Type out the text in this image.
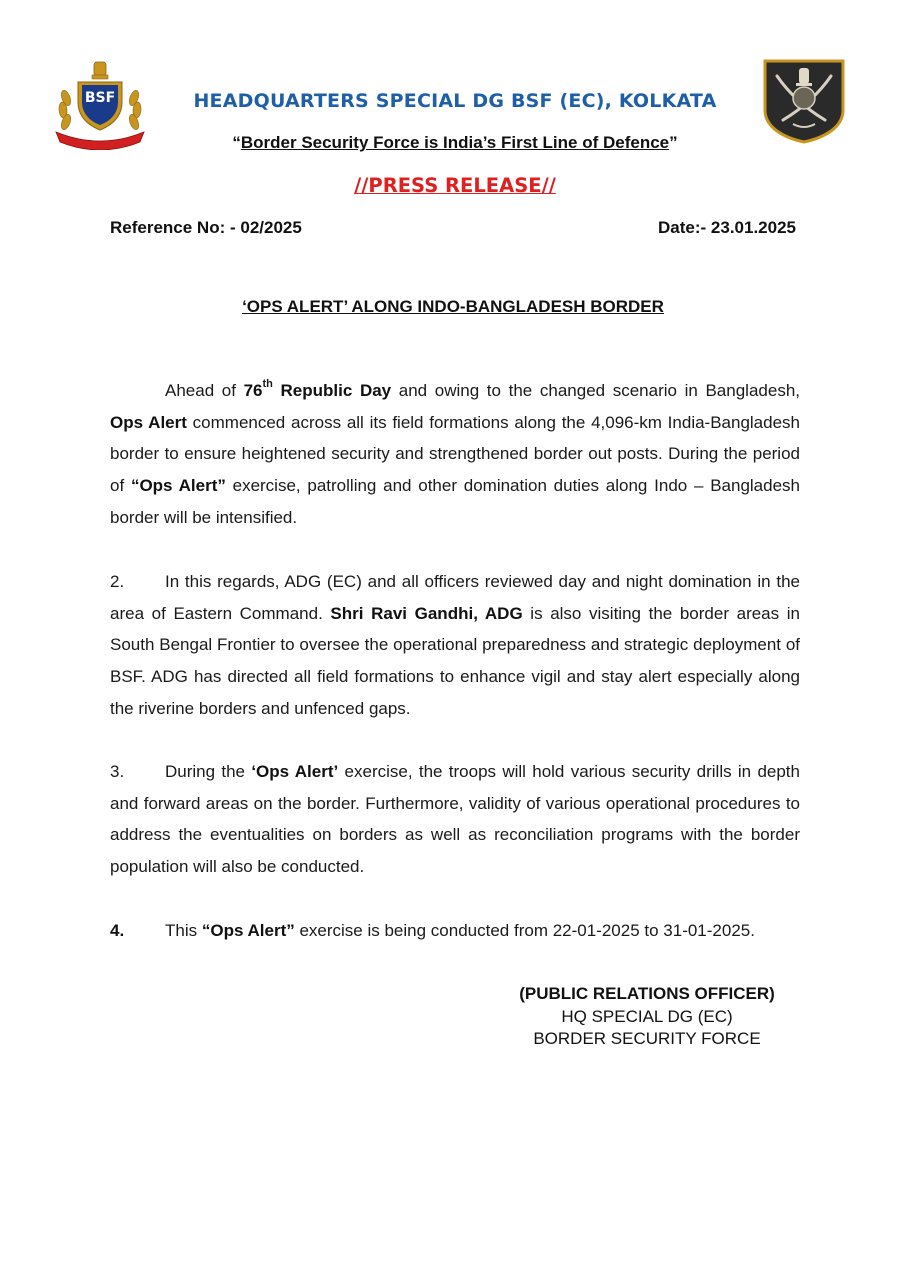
BSF
सीमा सुरक्षा बल
HEADQUARTERS SPECIAL DG BSF (EC), KOLKATA
“Border Security Force is India’s First Line of Defence”
//PRESS RELEASE//
Reference No: - 02/2025	Date:- 23.01.2025
‘OPS ALERT’ ALONG INDO-BANGLADESH BORDER
Ahead of 76th Republic Day and owing to the changed scenario in Bangladesh, Ops Alert commenced across all its field formations along the 4,096-km India-Bangladesh border to ensure heightened security and strengthened border out posts. During the period of “Ops Alert” exercise, patrolling and other domination duties along Indo – Bangladesh border will be intensified.
2. In this regards, ADG (EC) and all officers reviewed day and night domination in the area of Eastern Command. Shri Ravi Gandhi, ADG is also visiting the border areas in South Bengal Frontier to oversee the operational preparedness and strategic deployment of BSF. ADG has directed all field formations to enhance vigil and stay alert especially along the riverine borders and unfenced gaps.
3. During the ‘Ops Alert’ exercise, the troops will hold various security drills in depth and forward areas on the border. Furthermore, validity of various operational procedures to address the eventualities on borders as well as reconciliation programs with the border population will also be conducted.
4. This “Ops Alert” exercise is being conducted from 22-01-2025 to 31-01-2025.
(PUBLIC RELATIONS OFFICER)
HQ SPECIAL DG (EC)
BORDER SECURITY FORCE
